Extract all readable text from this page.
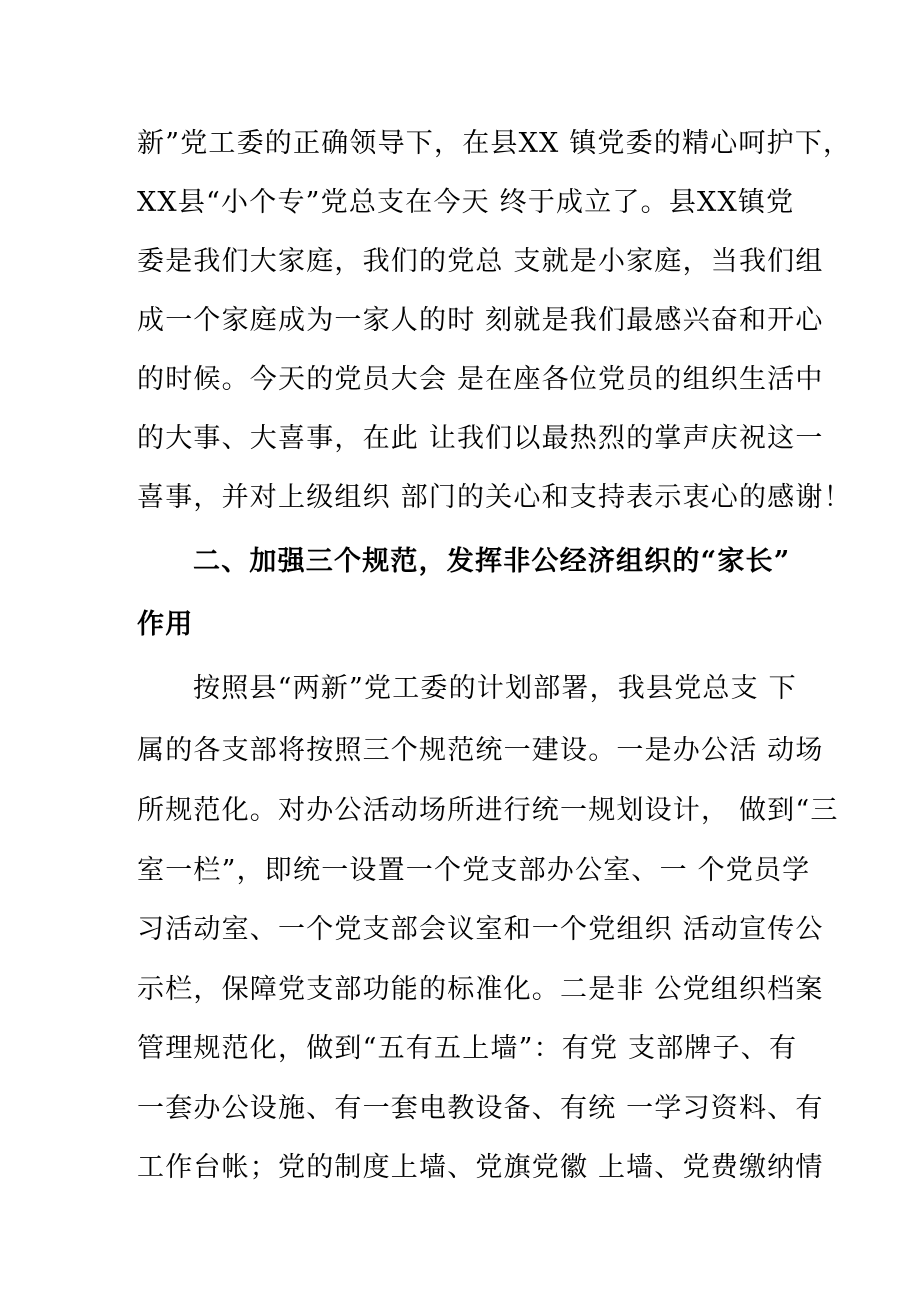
新”党工委的正确领导下，在县XX 镇党委的精心呵护下，
XX县“小个专”党总支在今天 终于成立了。县XX镇党
委是我们大家庭，我们的党总 支就是小家庭，当我们组
成一个家庭成为一家人的时 刻就是我们最感兴奋和开心
的时候。今天的党员大会 是在座各位党员的组织生活中
的大事、大喜事，在此 让我们以最热烈的掌声庆祝这一
喜事，并对上级组织 部门的关心和支持表示衷心的感谢！
二、加强三个规范，发挥非公经济组织的“家长”
作用
按照县“两新”党工委的计划部署，我县党总支 下
属的各支部将按照三个规范统一建设。一是办公活 动场
所规范化。对办公活动场所进行统一规划设计， 做到“三
室一栏”，即统一设置一个党支部办公室、一 个党员学
习活动室、一个党支部会议室和一个党组织 活动宣传公
示栏，保障党支部功能的标准化。二是非 公党组织档案
管理规范化，做到“五有五上墙”：有党 支部牌子、有
一套办公设施、有一套电教设备、有统 一学习资料、有
工作台帐；党的制度上墙、党旗党徽 上墙、党费缴纳情
